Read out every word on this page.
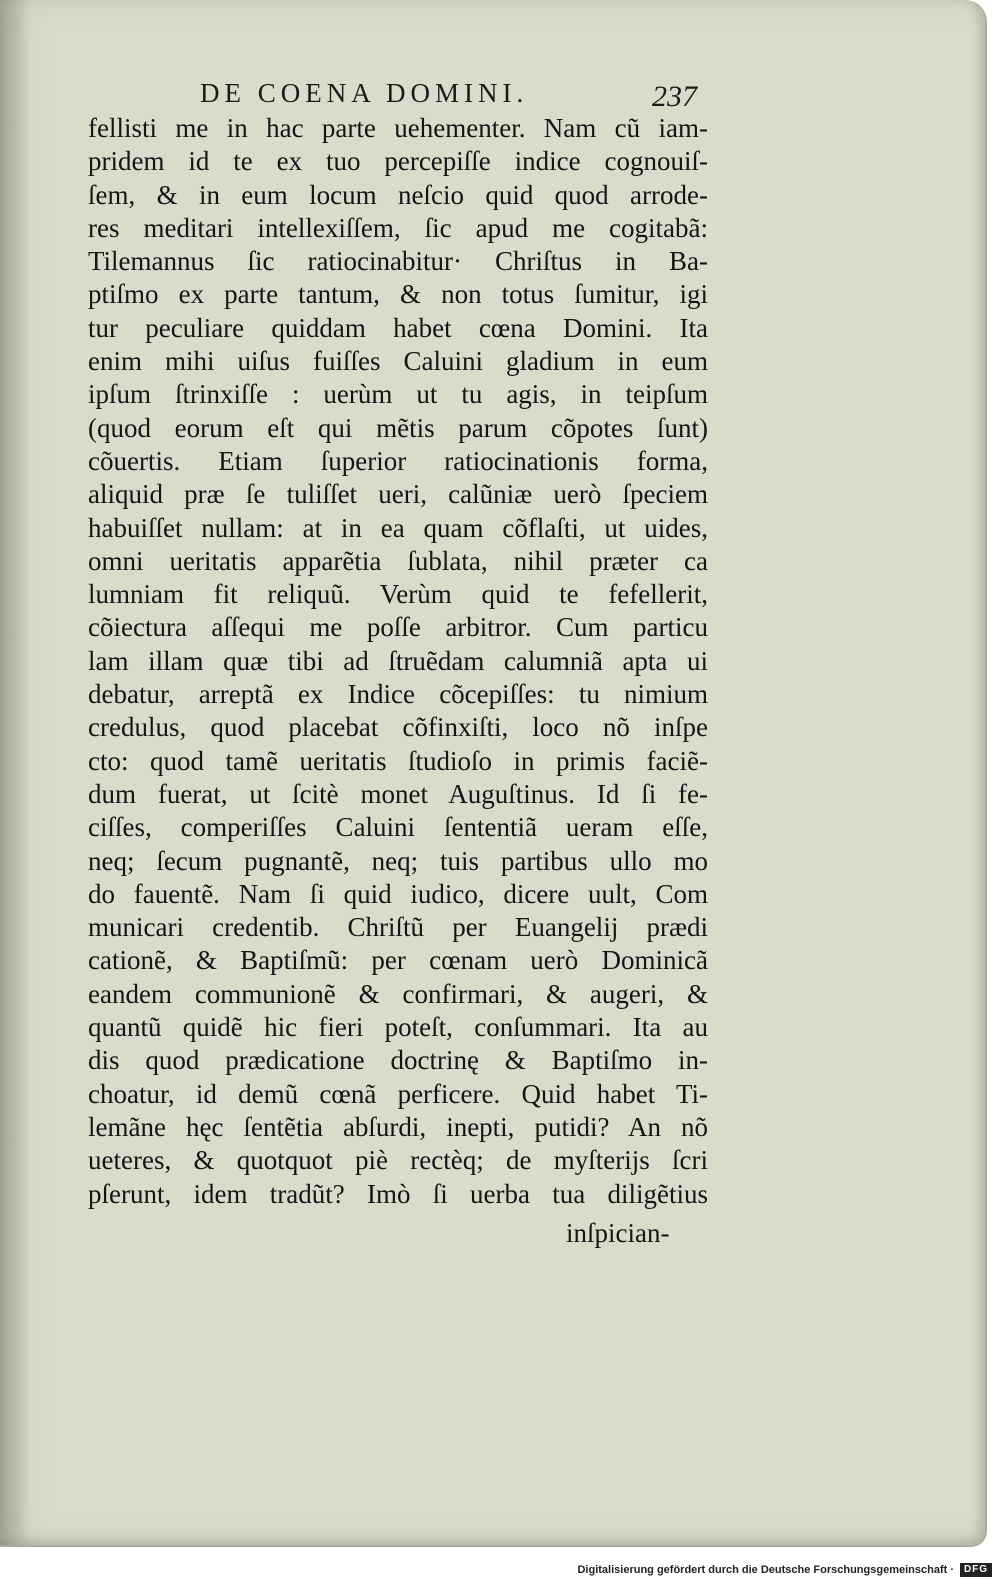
DE COENA DOMINI.	237
fellisti me in hac parte uehementer. Nam cũ iam-
pridem id te ex tuo percepiſſe indice cognouiſ-
ſem, & in eum locum neſcio quid quod arrode-
res meditari intellexiſſem, ſic apud me cogitabã:
Tilemannus ſic ratiocinabitur· Chriſtus in Ba-
ptiſmo ex parte tantum, & non totus ſumitur, igi
tur peculiare quiddam habet cœna Domini. Ita
enim mihi uiſus fuiſſes Caluini gladium in eum
ipſum ſtrinxiſſe : uerùm ut tu agis, in teipſum
(quod eorum eſt qui mẽtis parum cõpotes ſunt)
cõuertis. Etiam ſuperior ratiocinationis forma,
aliquid præ ſe tuliſſet ueri, calũniæ uerò ſpeciem
habuiſſet nullam: at in ea quam cõflaſti, ut uides,
omni ueritatis apparẽtia ſublata, nihil præter ca
lumniam fit reliquũ. Verùm quid te fefellerit,
cõiectura aſſequi me poſſe arbitror. Cum particu
lam illam quæ tibi ad ſtruẽdam calumniã apta ui
debatur, arreptã ex Indice cõcepiſſes: tu nimium
credulus, quod placebat cõfinxiſti, loco nõ inſpe
cto: quod tamẽ ueritatis ſtudioſo in primis faciẽ-
dum fuerat, ut ſcitè monet Auguſtinus. Id ſi fe-
ciſſes, comperiſſes Caluini ſententiã ueram eſſe,
neq; ſecum pugnantẽ, neq; tuis partibus ullo mo
do fauentẽ. Nam ſi quid iudico, dicere uult, Com
municari credentib. Chriſtũ per Euangelij prædi
cationẽ, & Baptiſmũ: per cœnam uerò Dominicã
eandem communionẽ & confirmari, & augeri, &
quantũ quidẽ hic fieri poteſt, conſummari. Ita au
dis quod prædicatione doctrinę & Baptiſmo in-
choatur, id demũ cœnã perficere. Quid habet Ti-
lemãne hęc ſentẽtia abſurdi, inepti, putidi? An nõ
ueteres, & quotquot piè rectèq; de myſterijs ſcri
pſerunt, idem tradũt? Imò ſi uerba tua diligẽtius
inſpician-
Digitalisierung gefördert durch die Deutsche Forschungsgemeinschaft · DFG
